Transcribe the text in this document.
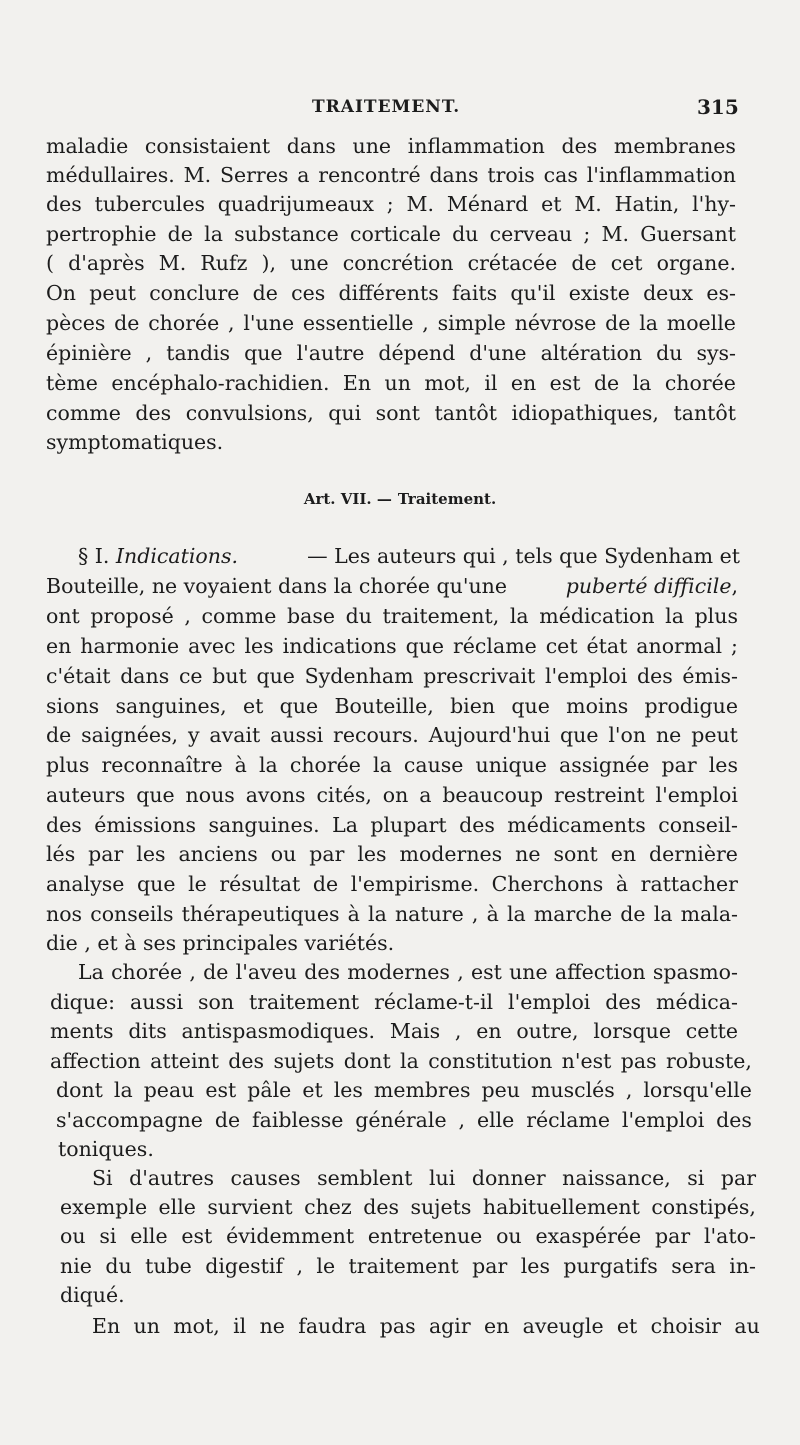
TRAITEMENT.	315
maladie consistaient dans une inflammation des membranes
médullaires. M. Serres a rencontré dans trois cas l'inflammation
des tubercules quadrijumeaux ; M. Ménard et M. Hatin, l'hy-
pertrophie de la substance corticale du cerveau ; M. Guersant
( d'après M. Rufz ), une concrétion crétacée de cet organe.
On peut conclure de ces différents faits qu'il existe deux es-
pèces de chorée , l'une essentielle , simple névrose de la moelle
épinière , tandis que l'autre dépend d'une altération du sys-
tème encéphalo-rachidien. En un mot, il en est de la chorée
comme des convulsions, qui sont tantôt idiopathiques, tantôt
symptomatiques.
Art. VII. — Traitement.
§ I. Indications.	— Les auteurs qui , tels que Sydenham et
Bouteille, ne voyaient dans la chorée qu'une	puberté difficile,
ont proposé , comme base du traitement, la médication la plus
en harmonie avec les indications que réclame cet état anormal ;
c'était dans ce but que Sydenham prescrivait l'emploi des émis-
sions sanguines, et que Bouteille, bien que moins prodigue
de saignées, y avait aussi recours. Aujourd'hui que l'on ne peut
plus reconnaître à la chorée la cause unique assignée par les
auteurs que nous avons cités, on a beaucoup restreint l'emploi
des émissions sanguines. La plupart des médicaments conseil-
lés par les anciens ou par les modernes ne sont en dernière
analyse que le résultat de l'empirisme. Cherchons à rattacher
nos conseils thérapeutiques à la nature , à la marche de la mala-
die , et à ses principales variétés.
La chorée , de l'aveu des modernes , est une affection spasmo-
dique: aussi son traitement réclame-t-il l'emploi des médica-
ments dits antispasmodiques. Mais , en outre, lorsque cette
affection atteint des sujets dont la constitution n'est pas robuste,
dont la peau est pâle et les membres peu musclés , lorsqu'elle
s'accompagne de faiblesse générale , elle réclame l'emploi des
toniques.
Si d'autres causes semblent lui donner naissance, si par
exemple elle survient chez des sujets habituellement constipés,
ou si elle est évidemment entretenue ou exaspérée par l'ato-
nie du tube digestif , le traitement par les purgatifs sera in-
diqué.
En un mot, il ne faudra pas agir en aveugle et choisir au
